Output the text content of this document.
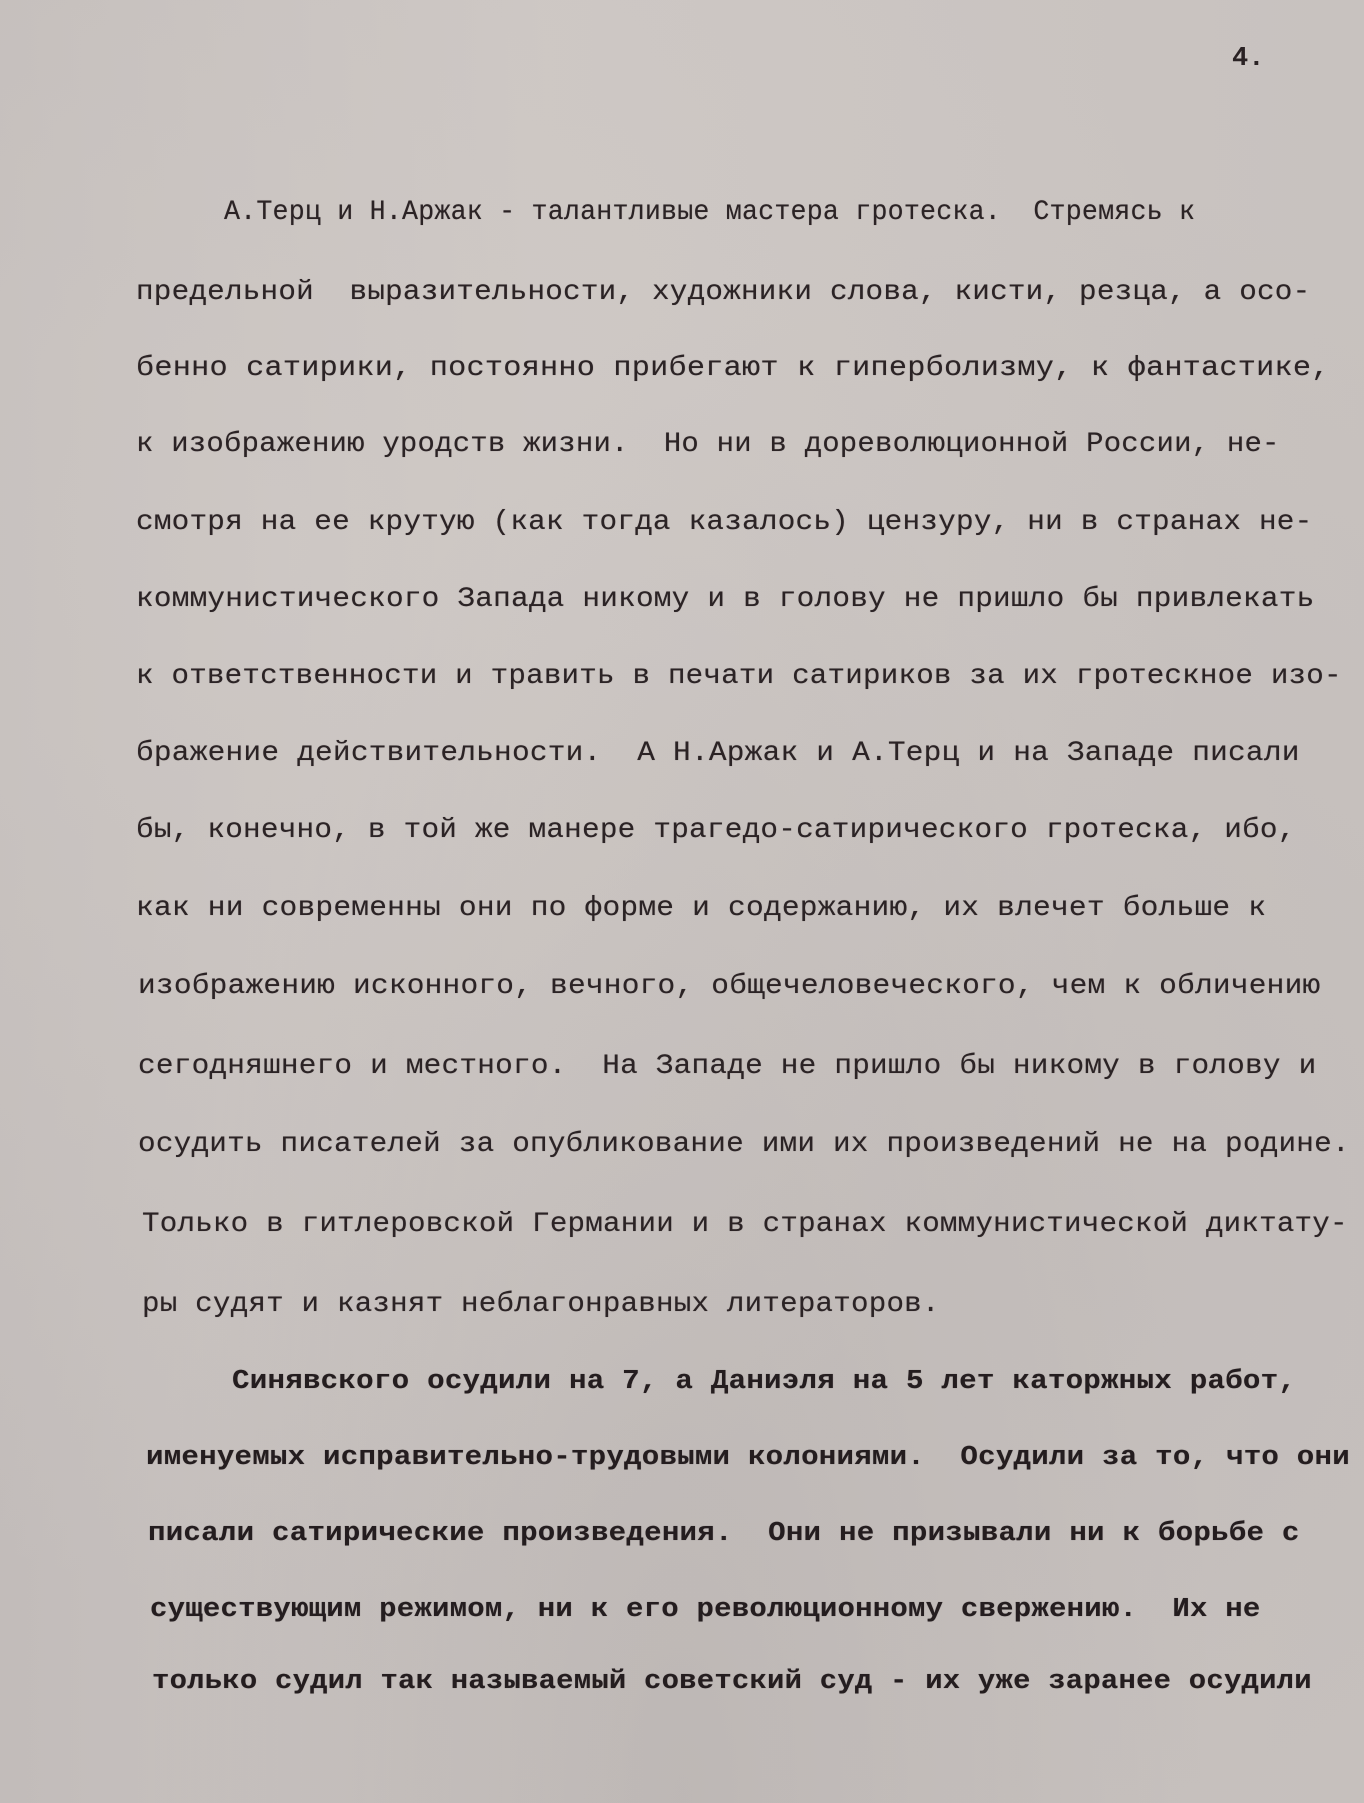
4.
А.Терц и Н.Аржак - талантливые мастера гротеска.  Стремясь к
предельной  выразительности, художники слова, кисти, резца, а осо-
бенно сатирики, постоянно прибегают к гиперболизму, к фантастике,
к изображению уродств жизни.  Но ни в дореволюционной России, не-
смотря на ее крутую (как тогда казалось) цензуру, ни в странах не-
коммунистического Запада никому и в голову не пришло бы привлекать
к ответственности и травить в печати сатириков за их гротескное изо-
бражение действительности.  А Н.Аржак и А.Терц и на Западе писали
бы, конечно, в той же манере трагедо-сатирического гротеска, ибо,
как ни современны они по форме и содержанию, их влечет больше к
изображению исконного, вечного, общечеловеческого, чем к обличению
сегодняшнего и местного.  На Западе не пришло бы никому в голову и
осудить писателей за опубликование ими их произведений не на родине.
Только в гитлеровской Германии и в странах коммунистической диктату-
ры судят и казнят неблагонравных литераторов.
Синявского осудили на 7, а Даниэля на 5 лет каторжных работ,
именуемых исправительно-трудовыми колониями.  Осудили за то, что они
писали сатирические произведения.  Они не призывали ни к борьбе с
существующим режимом, ни к его революционному свержению.  Их не
только судил так называемый советский суд - их уже заранее осудили
